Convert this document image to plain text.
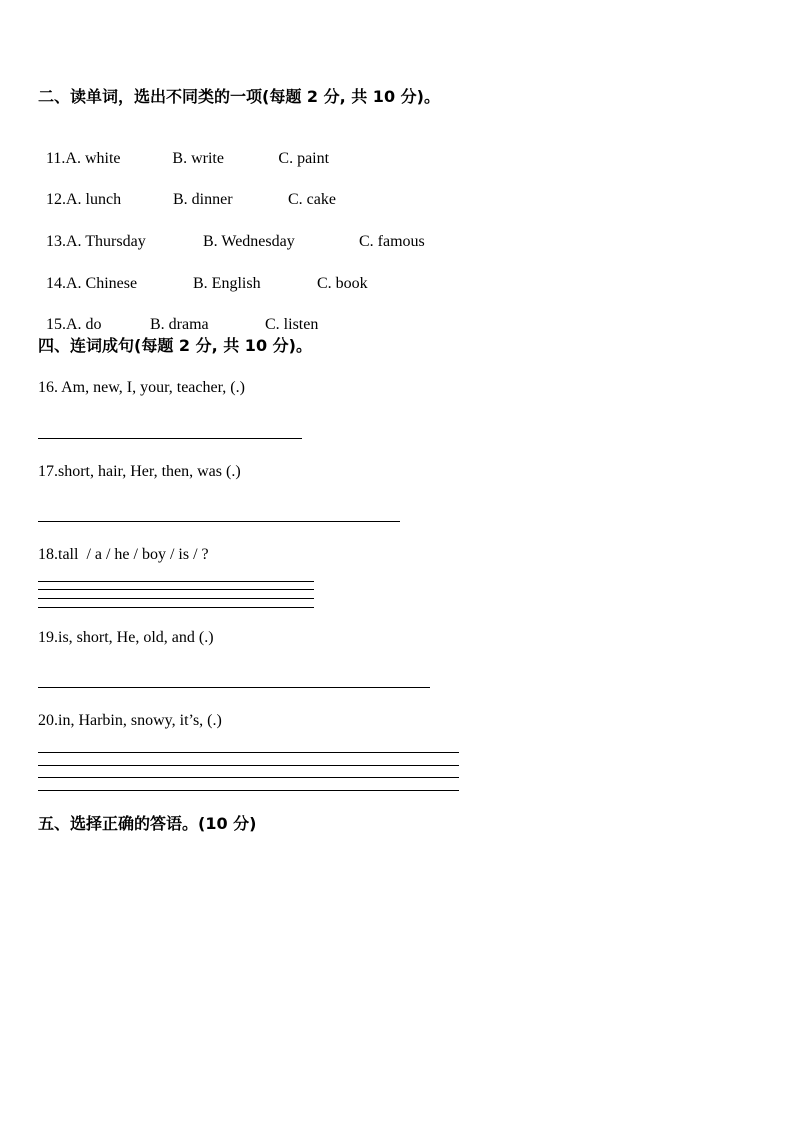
二、读单词，选出不同类的一项(每题 2 分, 共 10 分)。

11.A. white	B. write	C. paint

12.A. lunch	B. dinner	C. cake

13.A. Thursday	B. Wednesday	C. famous

14.A. Chinese	B. English	C. book

15.A. do	B. drama	C. listen

四、连词成句(每题 2 分, 共 10 分)。
16. Am, new, I, your, teacher, (.)
17.short, hair, Her, then, was (.)
18.tall  / a / he / boy / is / ?
19.is, short, He, old, and (.)
20.in, Harbin, snowy, it’s, (.)
五、选择正确的答语。(10 分)
